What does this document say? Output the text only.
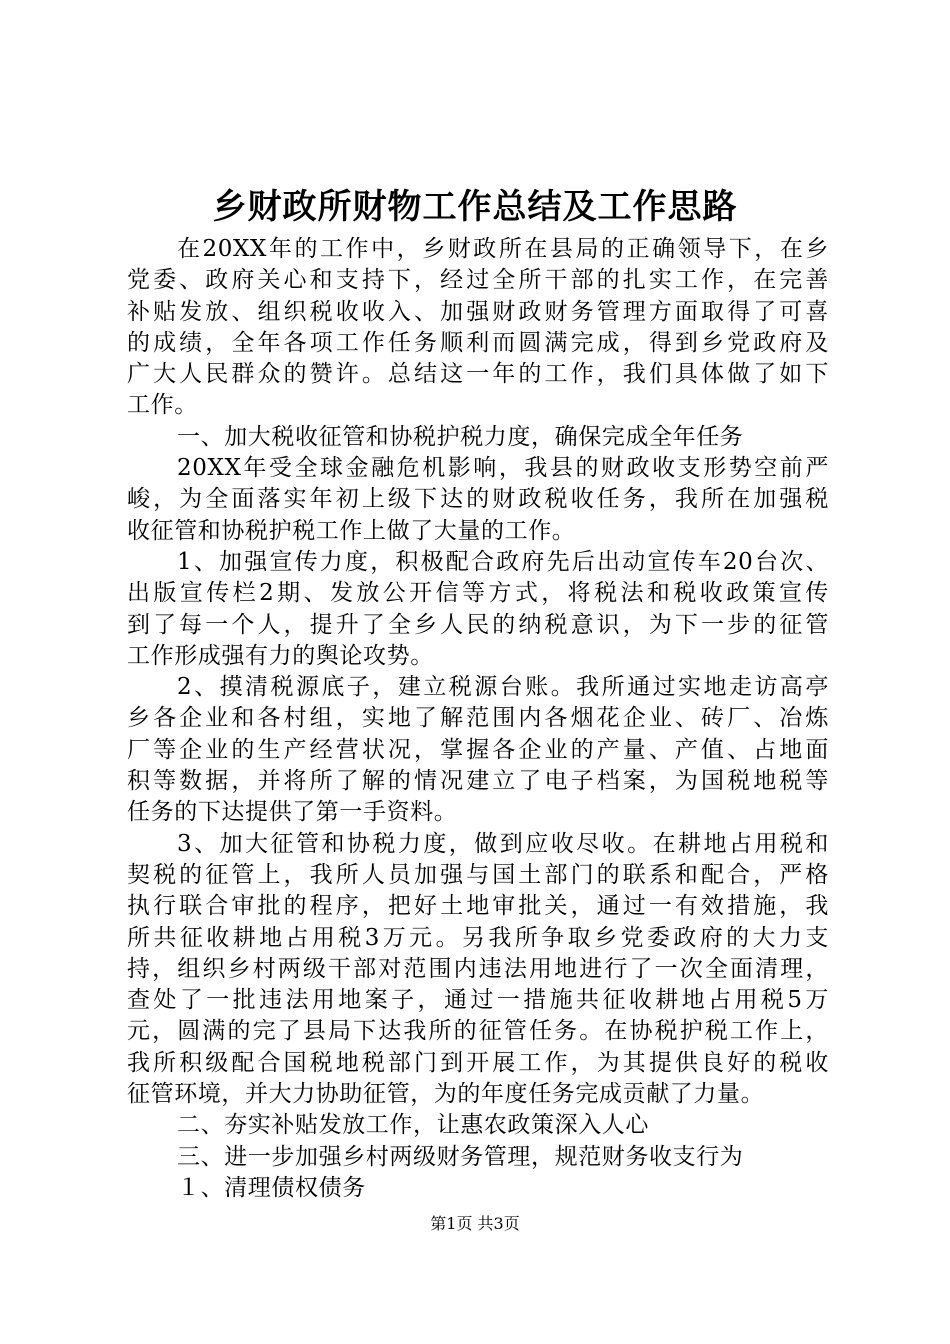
乡财政所财物工作总结及工作思路
在20XX年的工作中，乡财政所在县局的正确领导下，在乡
党委、政府关心和支持下，经过全所干部的扎实工作，在完善
补贴发放、组织税收收入、加强财政财务管理方面取得了可喜
的成绩，全年各项工作任务顺利而圆满完成，得到乡党政府及
广大人民群众的赞许。总结这一年的工作，我们具体做了如下
工作。
一、加大税收征管和协税护税力度，确保完成全年任务
20XX年受全球金融危机影响，我县的财政收支形势空前严
峻，为全面落实年初上级下达的财政税收任务，我所在加强税
收征管和协税护税工作上做了大量的工作。
1、加强宣传力度，积极配合政府先后出动宣传车20台次、
出版宣传栏2期、发放公开信等方式，将税法和税收政策宣传
到了每一个人，提升了全乡人民的纳税意识，为下一步的征管
工作形成强有力的舆论攻势。
2、摸清税源底子，建立税源台账。我所通过实地走访高亭
乡各企业和各村组，实地了解范围内各烟花企业、砖厂、冶炼
厂等企业的生产经营状况，掌握各企业的产量、产值、占地面
积等数据，并将所了解的情况建立了电子档案，为国税地税等
任务的下达提供了第一手资料。
3、加大征管和协税力度，做到应收尽收。在耕地占用税和
契税的征管上，我所人员加强与国土部门的联系和配合，严格
执行联合审批的程序，把好土地审批关，通过一有效措施，我
所共征收耕地占用税3万元。另我所争取乡党委政府的大力支
持，组织乡村两级干部对范围内违法用地进行了一次全面清理，
查处了一批违法用地案子，通过一措施共征收耕地占用税5万
元，圆满的完了县局下达我所的征管任务。在协税护税工作上，
我所积级配合国税地税部门到开展工作，为其提供良好的税收
征管环境，并大力协助征管，为的年度任务完成贡献了力量。
二、夯实补贴发放工作，让惠农政策深入人心
三、进一步加强乡村两级财务管理，规范财务收支行为
１、清理债权债务
第1页 共3页
